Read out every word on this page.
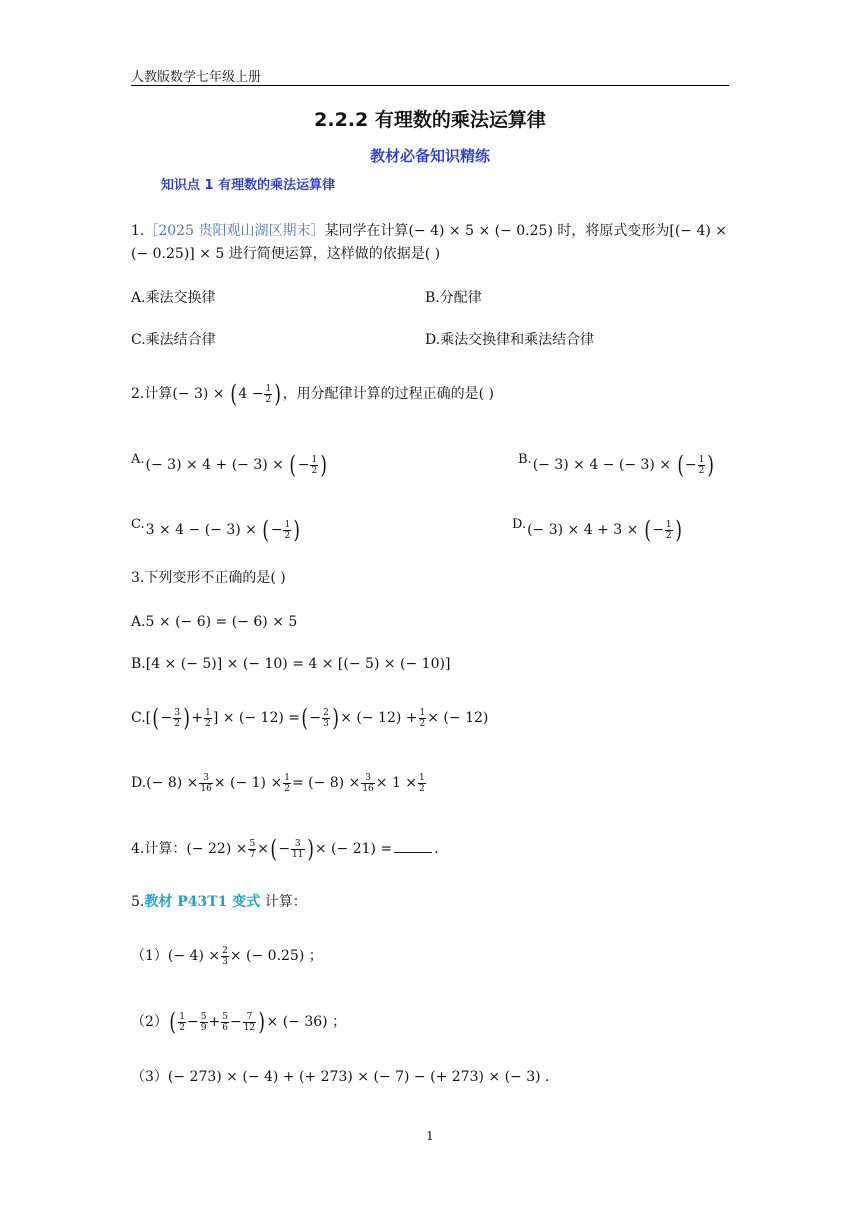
人教版数学七年级上册
2.2.2 有理数的乘法运算律
教材必备知识精练
知识点 1 有理数的乘法运算律
1.［2025 贵阳观山湖区期末］某同学在计算(− 4) × 5 × (− 0.25) 时，将原式变形为[(− 4) ×
(− 0.25)] × 5 进行简便运算，这样做的依据是( )
A.乘法交换律	B.分配律
C.乘法结合律	D.乘法交换律和乘法结合律
2.计算(− $3) \times (4 - \frac{1}{2}$ )，用分配律计算的过程正确的是( )
A.(− 3) × 4 + (− 3) × (− $\frac{1}{2}$ )	B.(− 3) × 4 − (− 3) × (− $\frac{1}{2}$ )
C.3 × 4 − (− 3) × (− $\frac{1}{2}$ )	D.(− 3) × 4 + 3 × (− $\frac{1}{2}$ )
3.下列变形不正确的是( )
A.5 × (− 6) = (− 6) × 5
B.[4 × (− 5)] × (− 10) = 4 × [(− 5) × (− 10)]
$C.[(- \frac{3}{2}$ )+ $\frac{1}{2}$ ] × (− 12) =(− $\frac{2}{3}$ )× (− $12) + \frac{1}{2}$ × (− 12)
$D.(- 8) \times \frac{3}{16}$ × (− $1) \times \frac{1}{2}$ = (− $8) \times \frac{3}{16} \times 1 \times \frac{1}{2}$
4.计算：(− $22) \times \frac{5}{7}$ ×(− $\frac{3}{11}$ )× (− 21) =	.
5.教材 P43T1 变式 计算：
$(1)(- 4) \times \frac{2}{3}$ × (− 0.25) ；
$(2)( \frac{1}{2} - \frac{5}{9} + \frac{5}{6} - \frac{7}{12}$ )× (− 36) ；
（3）(− 273) × (− 4) + (+ 273) × (− 7) − (+ 273) × (− 3) ．
1
